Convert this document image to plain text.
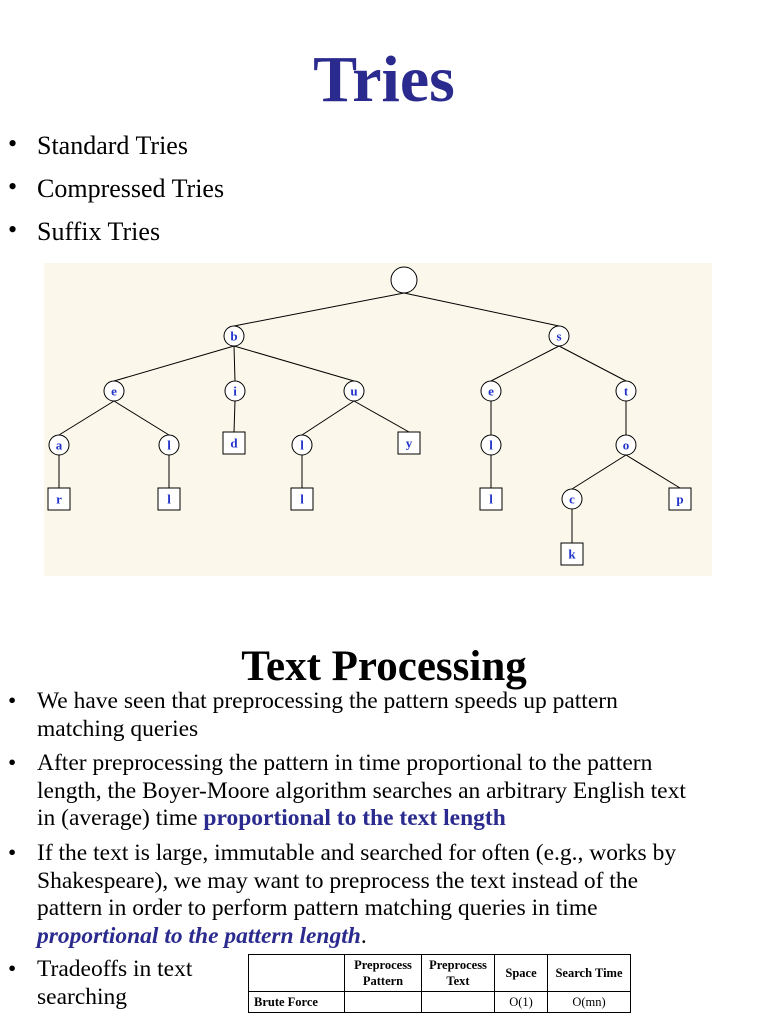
Tries
• Standard Tries
• Compressed Tries
• Suffix Tries
b	s
e	i	u	e	t
a	l	d	l	y	l	o
r	l	l	l	c	p
k
Text Processing
• We have seen that preprocessing the pattern speeds up pattern
matching queries
• After preprocessing the pattern in time proportional to the pattern
length, the Boyer-Moore algorithm searches an arbitrary English text
in (average) time proportional to the text length
• If the text is large, immutable and searched for often (e.g., works by
Shakespeare), we may want to preprocess the text instead of the
pattern in order to perform pattern matching queries in time
proportional to the pattern length.
• Tradeoffs in text
searching
	Preprocess Pattern	Preprocess Text	Space	Search Time
Brute Force			O(1)	O(mn)
